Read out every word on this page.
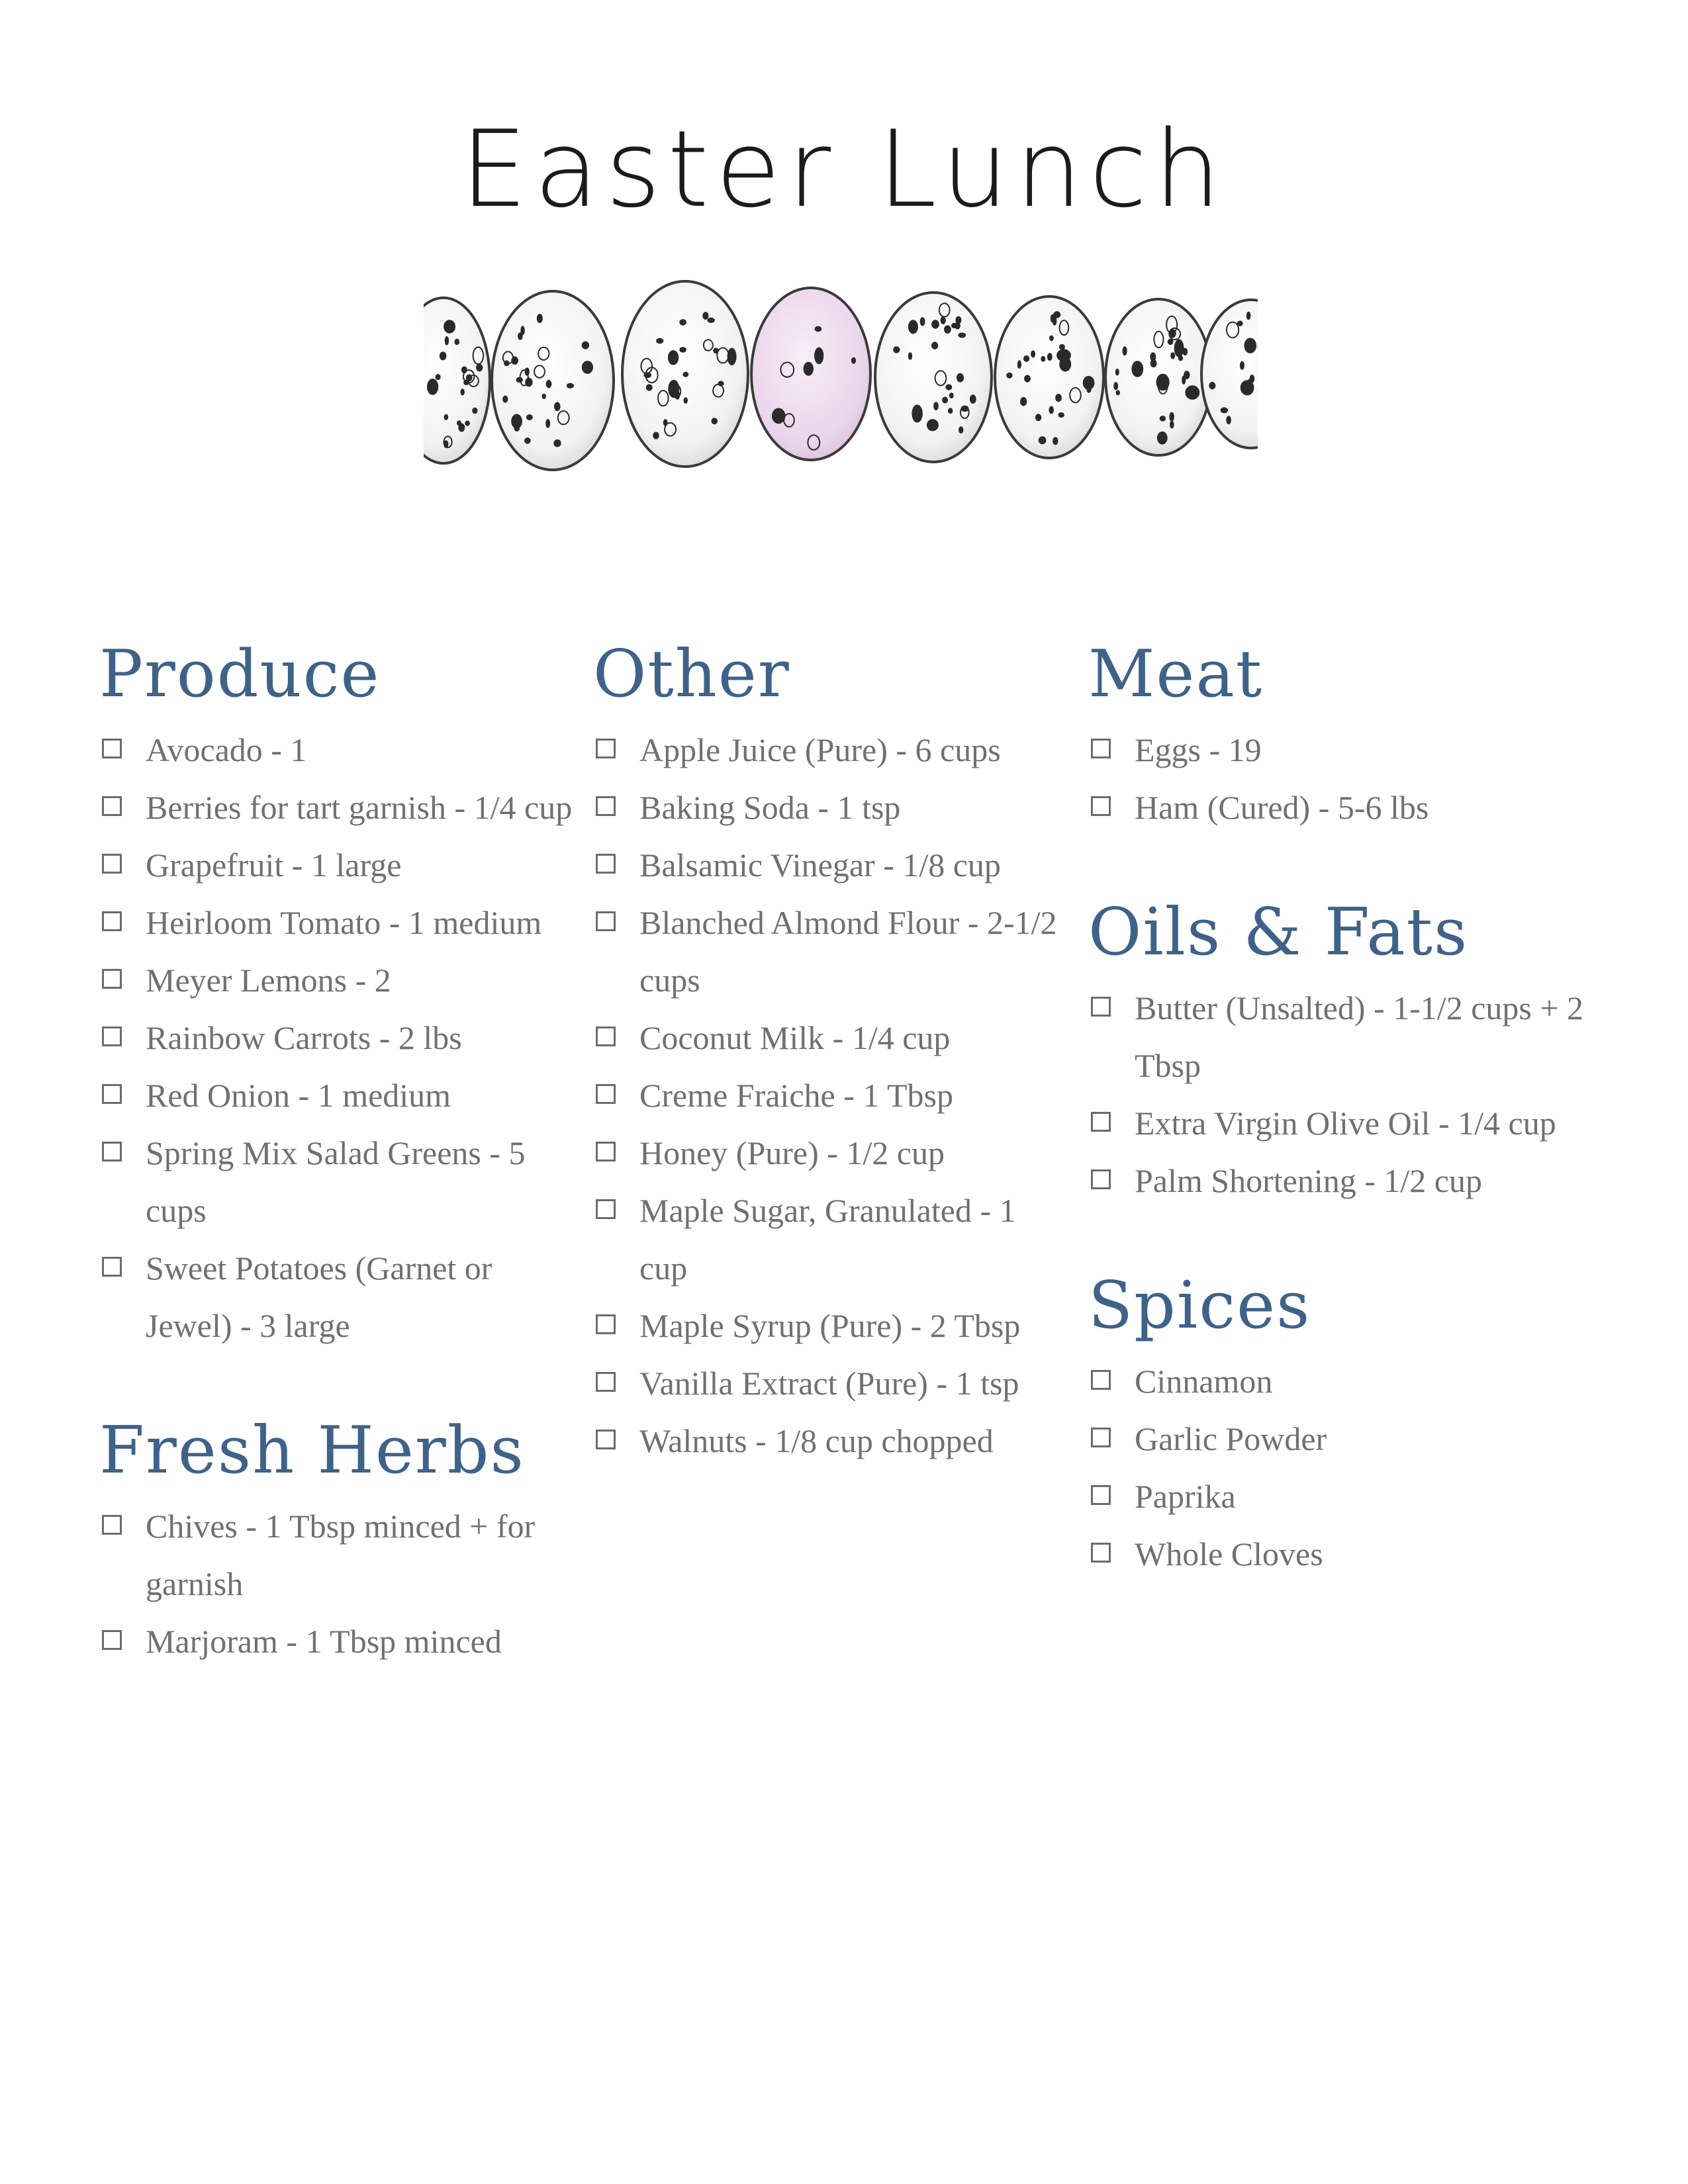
Easter Lunch
Produce
Avocado - 1
Berries for tart garnish - 1/4 cup
Grapefruit - 1 large
Heirloom Tomato - 1 medium
Meyer Lemons - 2
Rainbow Carrots - 2 lbs
Red Onion - 1 medium
Spring Mix Salad Greens - 5 cups
Sweet Potatoes (Garnet or Jewel) - 3 large
Fresh Herbs
Chives - 1 Tbsp minced + for garnish
Marjoram - 1 Tbsp minced
Other
Apple Juice (Pure) - 6 cups
Baking Soda - 1 tsp
Balsamic Vinegar - 1/8 cup
Blanched Almond Flour - 2-1/2 cups
Coconut Milk - 1/4 cup
Creme Fraiche - 1 Tbsp
Honey (Pure) - 1/2 cup
Maple Sugar, Granulated - 1 cup
Maple Syrup (Pure) - 2 Tbsp
Vanilla Extract (Pure) - 1 tsp
Walnuts - 1/8 cup chopped
Meat
Eggs - 19
Ham (Cured) - 5-6 lbs
Oils & Fats
Butter (Unsalted) - 1-1/2 cups + 2 Tbsp
Extra Virgin Olive Oil - 1/4 cup
Palm Shortening - 1/2 cup
Spices
Cinnamon
Garlic Powder
Paprika
Whole Cloves
